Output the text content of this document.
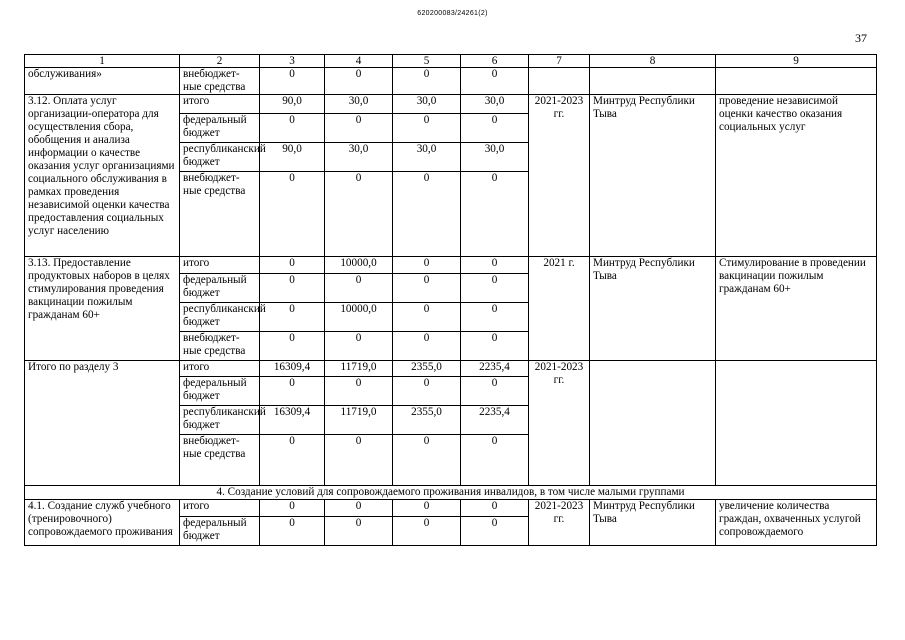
620200083/24261(2)
37
1	2	3	4	5	6	7	8	9
обслуживания»	внебюджет-ные средства	0	0	0	0			
3.12. Оплата услуг организации-оператора для осуществления сбора, обобщения и анализа информации о качестве оказания услуг организациями социального обслуживания в рамках проведения независимой оценки качества предоставления социальных услуг населению	итого	90,0	30,0	30,0	30,0	2021-2023 гг.	Минтруд Республики Тыва	проведение независимой оценки качество оказания социальных услуг
	федеральный бюджет	0	0	0	0			
	республиканский бюджет	90,0	30,0	30,0	30,0			
	внебюджет-ные средства	0	0	0	0			
3.13. Предоставление продуктовых наборов в целях стимулирования проведения вакцинации пожилым гражданам 60+	итого	0	10000,0	0	0	2021 г.	Минтруд Республики Тыва	Стимулирование в проведении вакцинации пожилым гражданам 60+
	федеральный бюджет	0	0	0	0			
	республиканский бюджет	0	10000,0	0	0			
	внебюджет-ные средства	0	0	0	0			
Итого по разделу 3	итого	16309,4	11719,0	2355,0	2235,4	2021-2023 гг.		
	федеральный бюджет	0	0	0	0			
	республиканский бюджет	16309,4	11719,0	2355,0	2235,4			
	внебюджет-ные средства	0	0	0	0			
4. Создание условий для сопровождаемого проживания инвалидов, в том числе малыми группами								
4.1. Создание служб учебного (тренировочного) сопровождаемого проживания	итого	0	0	0	0	2021-2023 гг.	Минтруд Республики Тыва	увеличение количества граждан, охваченных услугой сопровождаемого
	федеральный бюджет	0	0	0	0			
